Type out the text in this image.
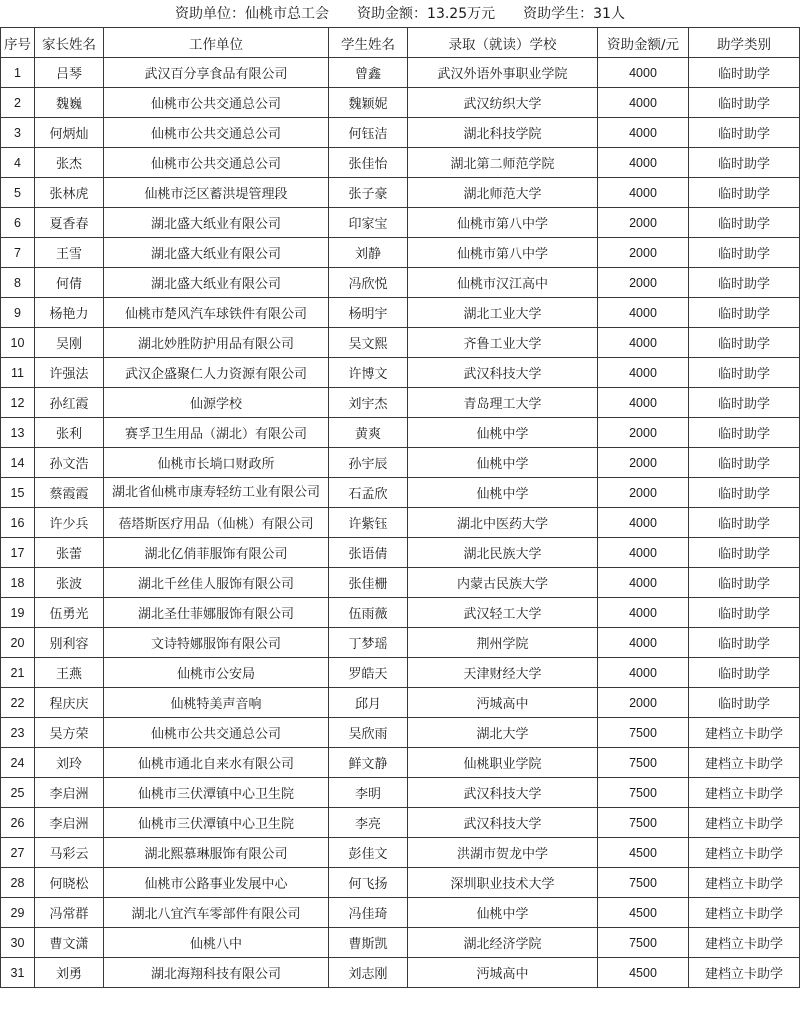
资助单位：仙桃市总工会 资助金额：13.25万元 资助学生：31人
序号	家长姓名	工作单位	学生姓名	录取（就读）学校	资助金额/元	助学类别
1	吕琴	武汉百分享食品有限公司	曾鑫	武汉外语外事职业学院	4000	临时助学
2	魏巍	仙桃市公共交通总公司	魏颖妮	武汉纺织大学	4000	临时助学
3	何炳灿	仙桃市公共交通总公司	何钰洁	湖北科技学院	4000	临时助学
4	张杰	仙桃市公共交通总公司	张佳怡	湖北第二师范学院	4000	临时助学
5	张林虎	仙桃市泛区蓄洪堤管理段	张子豪	湖北师范大学	4000	临时助学
6	夏香春	湖北盛大纸业有限公司	印家宝	仙桃市第八中学	2000	临时助学
7	王雪	湖北盛大纸业有限公司	刘静	仙桃市第八中学	2000	临时助学
8	何倩	湖北盛大纸业有限公司	冯欣悦	仙桃市汉江高中	2000	临时助学
9	杨艳力	仙桃市楚风汽车球铁件有限公司	杨明宇	湖北工业大学	4000	临时助学
10	吴刚	湖北妙胜防护用品有限公司	吴文熙	齐鲁工业大学	4000	临时助学
11	许强法	武汉企盛聚仁人力资源有限公司	许博文	武汉科技大学	4000	临时助学
12	孙红霞	仙源学校	刘宇杰	青岛理工大学	4000	临时助学
13	张利	赛孚卫生用品（湖北）有限公司	黄爽	仙桃中学	2000	临时助学
14	孙文浩	仙桃市长埫口财政所	孙宇辰	仙桃中学	2000	临时助学
15	蔡霞霞	湖北省仙桃市康寿轻纺工业有限公司	石孟欣	仙桃中学	2000	临时助学
16	许少兵	蓓塔斯医疗用品（仙桃）有限公司	许紫钰	湖北中医药大学	4000	临时助学
17	张蕾	湖北亿俏菲服饰有限公司	张语倩	湖北民族大学	4000	临时助学
18	张波	湖北千丝佳人服饰有限公司	张佳栅	内蒙古民族大学	4000	临时助学
19	伍勇光	湖北圣仕菲娜服饰有限公司	伍雨薇	武汉轻工大学	4000	临时助学
20	别利容	文诗特娜服饰有限公司	丁梦瑶	荆州学院	4000	临时助学
21	王燕	仙桃市公安局	罗皓天	天津财经大学	4000	临时助学
22	程庆庆	仙桃特美声音响	邱月	沔城高中	2000	临时助学
23	吴方荣	仙桃市公共交通总公司	吴欣雨	湖北大学	7500	建档立卡助学
24	刘玲	仙桃市通北自来水有限公司	鲜文静	仙桃职业学院	7500	建档立卡助学
25	李启洲	仙桃市三伏潭镇中心卫生院	李明	武汉科技大学	7500	建档立卡助学
26	李启洲	仙桃市三伏潭镇中心卫生院	李亮	武汉科技大学	7500	建档立卡助学
27	马彩云	湖北熙慕琳服饰有限公司	彭佳文	洪湖市贺龙中学	4500	建档立卡助学
28	何晓松	仙桃市公路事业发展中心	何飞扬	深圳职业技术大学	7500	建档立卡助学
29	冯常群	湖北八宜汽车零部件有限公司	冯佳琦	仙桃中学	4500	建档立卡助学
30	曹文潇	仙桃八中	曹斯凯	湖北经济学院	7500	建档立卡助学
31	刘勇	湖北海翔科技有限公司	刘志刚	沔城高中	4500	建档立卡助学
